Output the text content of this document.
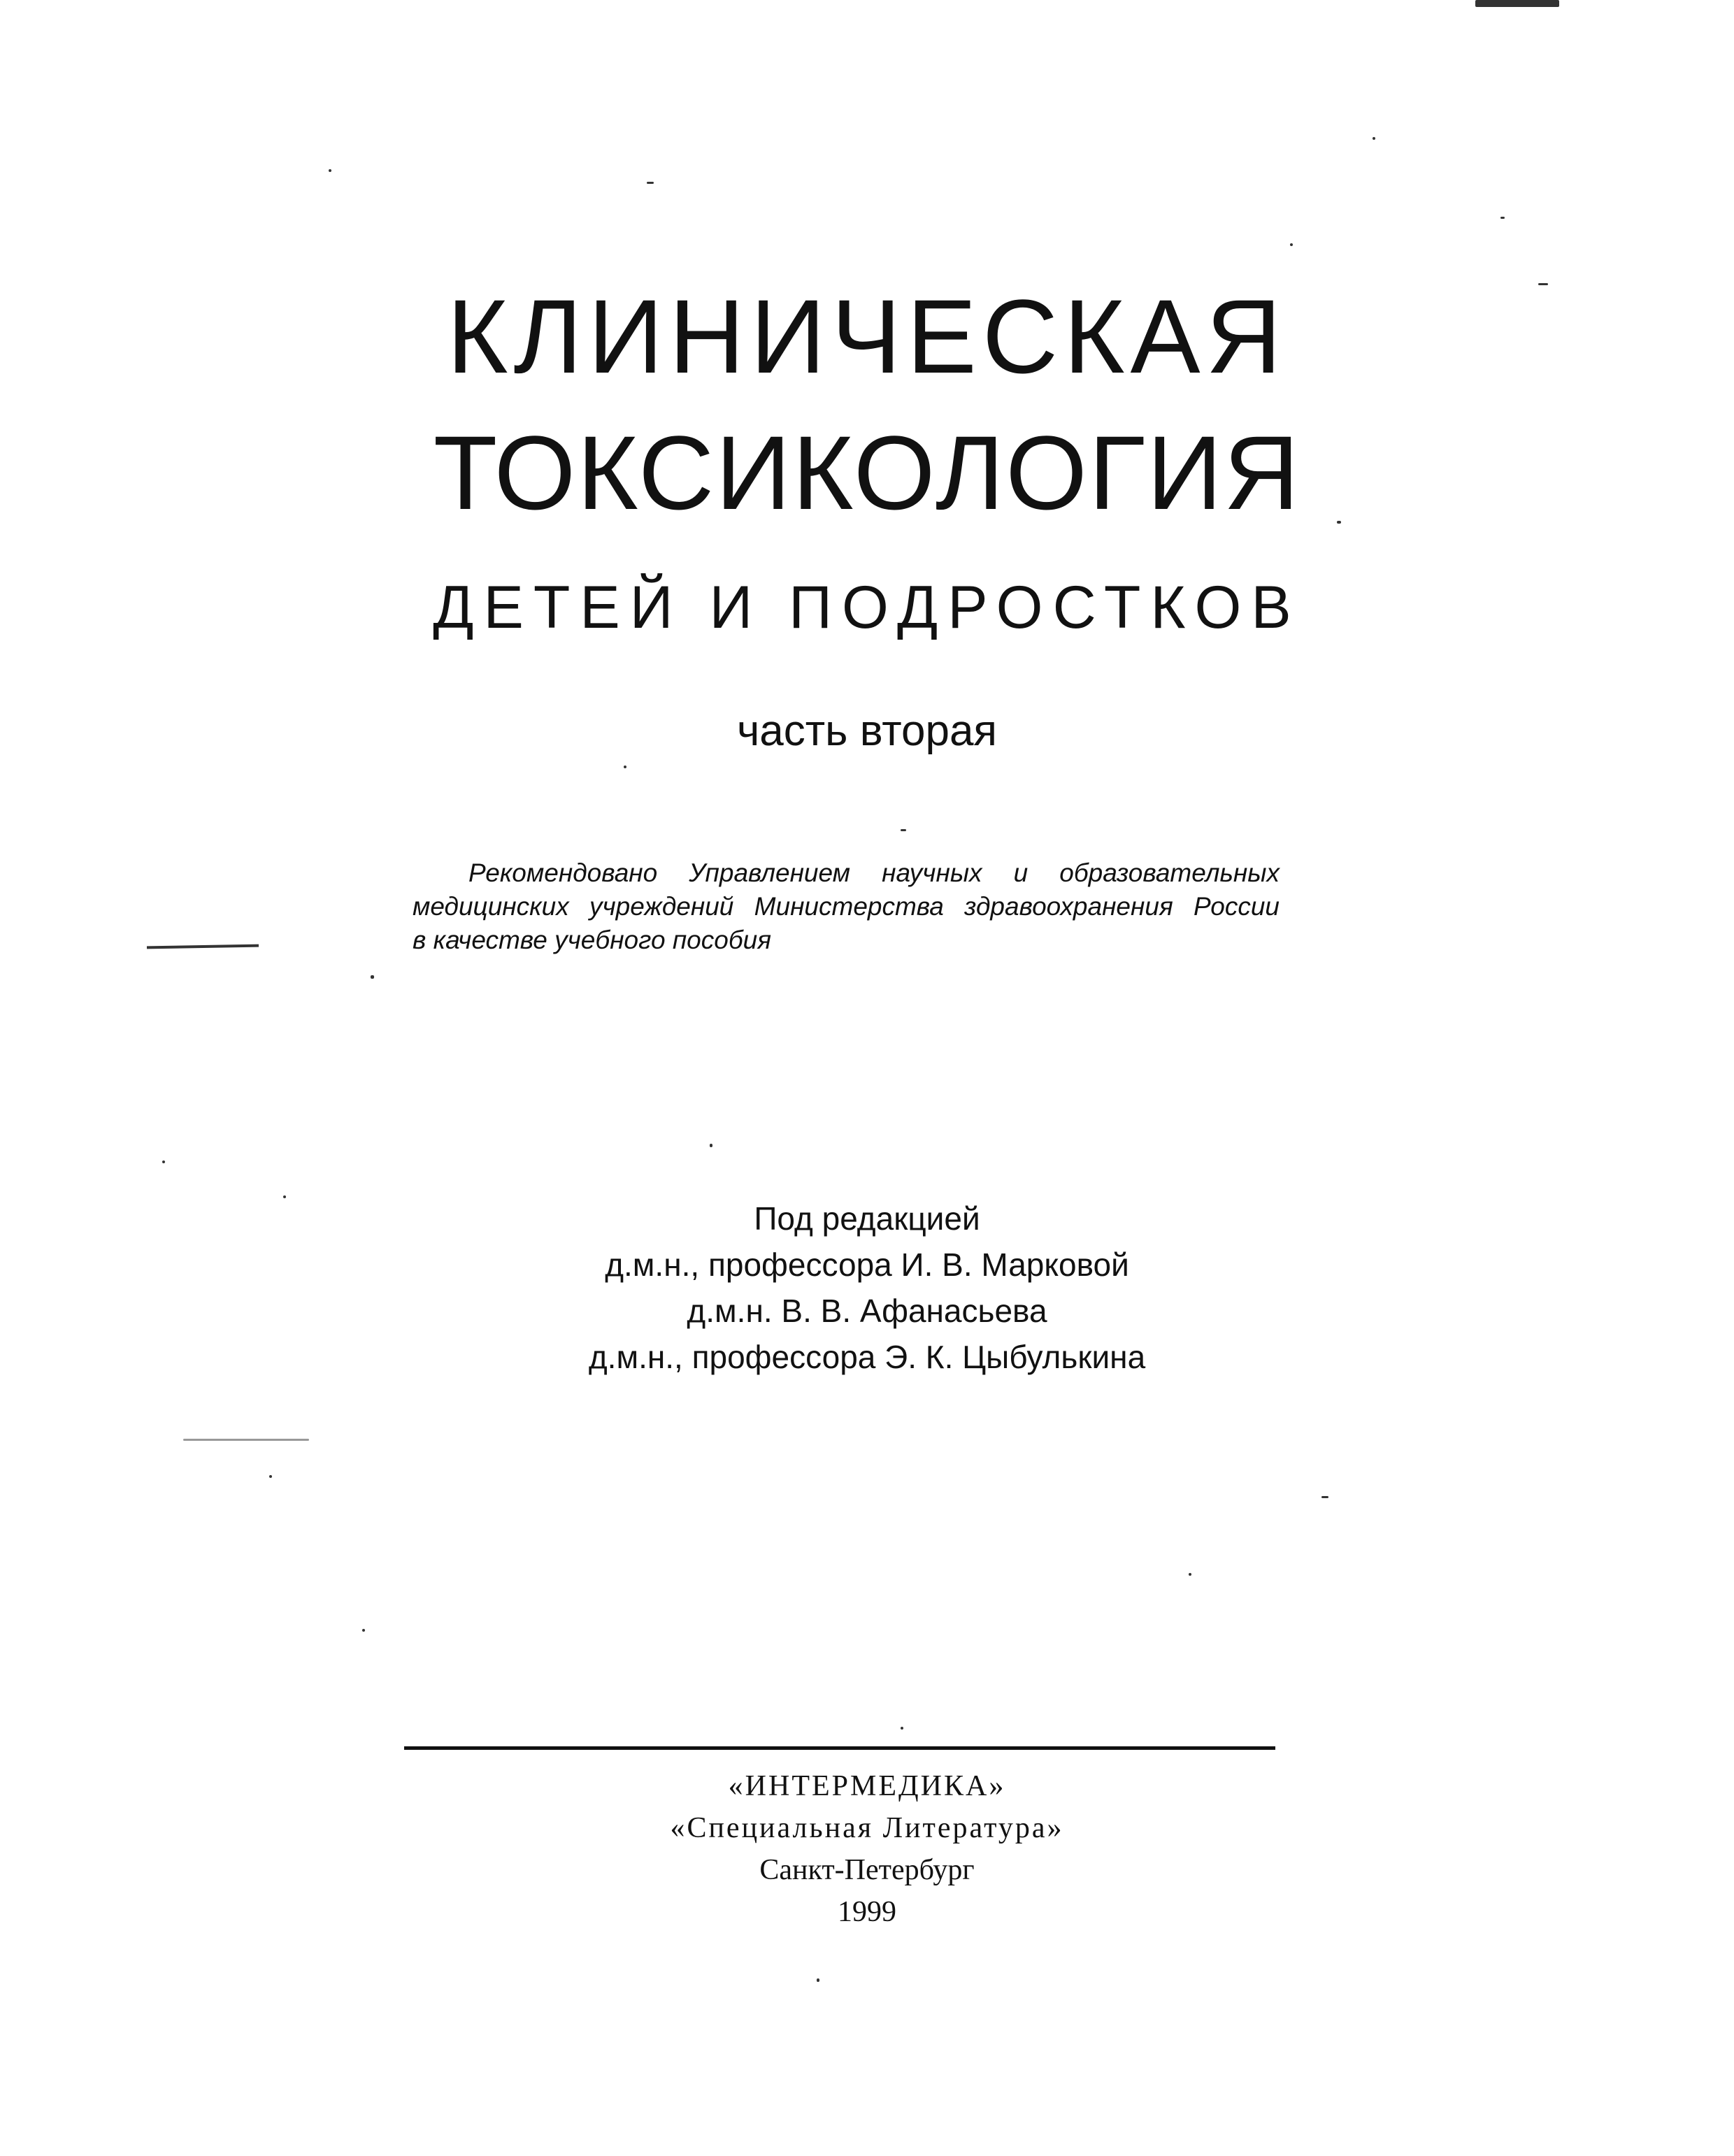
КЛИНИЧЕСКАЯ
ТОКСИКОЛОГИЯ
ДЕТЕЙ И ПОДРОСТКОВ
часть вторая
Рекомендовано Управлением научных и образовательных
медицинских учреждений Министерства здравоохранения России
в качестве учебного пособия
Под редакцией
д.м.н., профессора И. В. Марковой
д.м.н. В. В. Афанасьева
д.м.н., профессора Э. К. Цыбулькина
«ИНТЕРМЕДИКА»
«Специальная Литература»
Санкт-Петербург
1999
